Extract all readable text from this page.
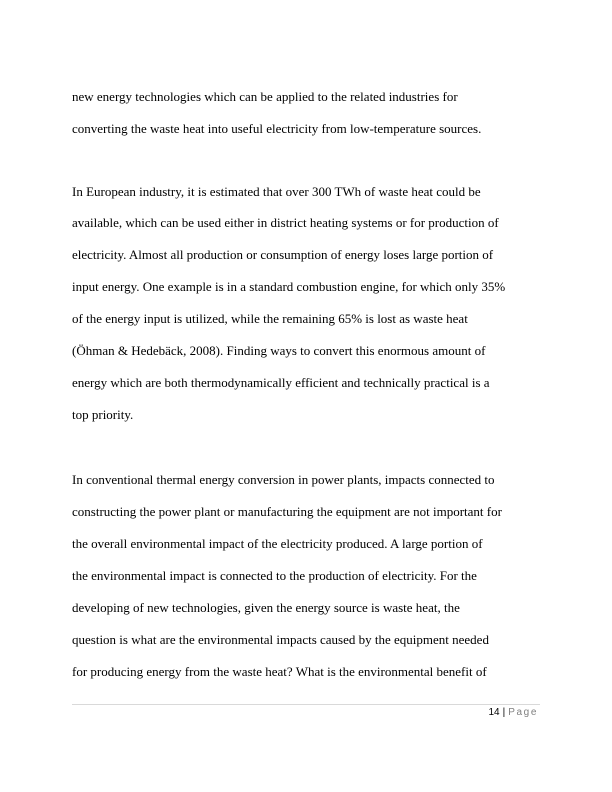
new energy technologies which can be applied to the related industries for
converting the waste heat into useful electricity from low-temperature sources.
In European industry, it is estimated that over 300 TWh of waste heat could be
available, which can be used either in district heating systems or for production of
electricity. Almost all production or consumption of energy loses large portion of
input energy. One example is in a standard combustion engine, for which only 35%
of the energy input is utilized, while the remaining 65% is lost as waste heat
(Öhman & Hedebäck, 2008). Finding ways to convert this enormous amount of
energy which are both thermodynamically efficient and technically practical is a
top priority.
In conventional thermal energy conversion in power plants, impacts connected to
constructing the power plant or manufacturing the equipment are not important for
the overall environmental impact of the electricity produced. A large portion of
the environmental impact is connected to the production of electricity. For the
developing of new technologies, given the energy source is waste heat, the
question is what are the environmental impacts caused by the equipment needed
for producing energy from the waste heat? What is the environmental benefit of
14 | Page
